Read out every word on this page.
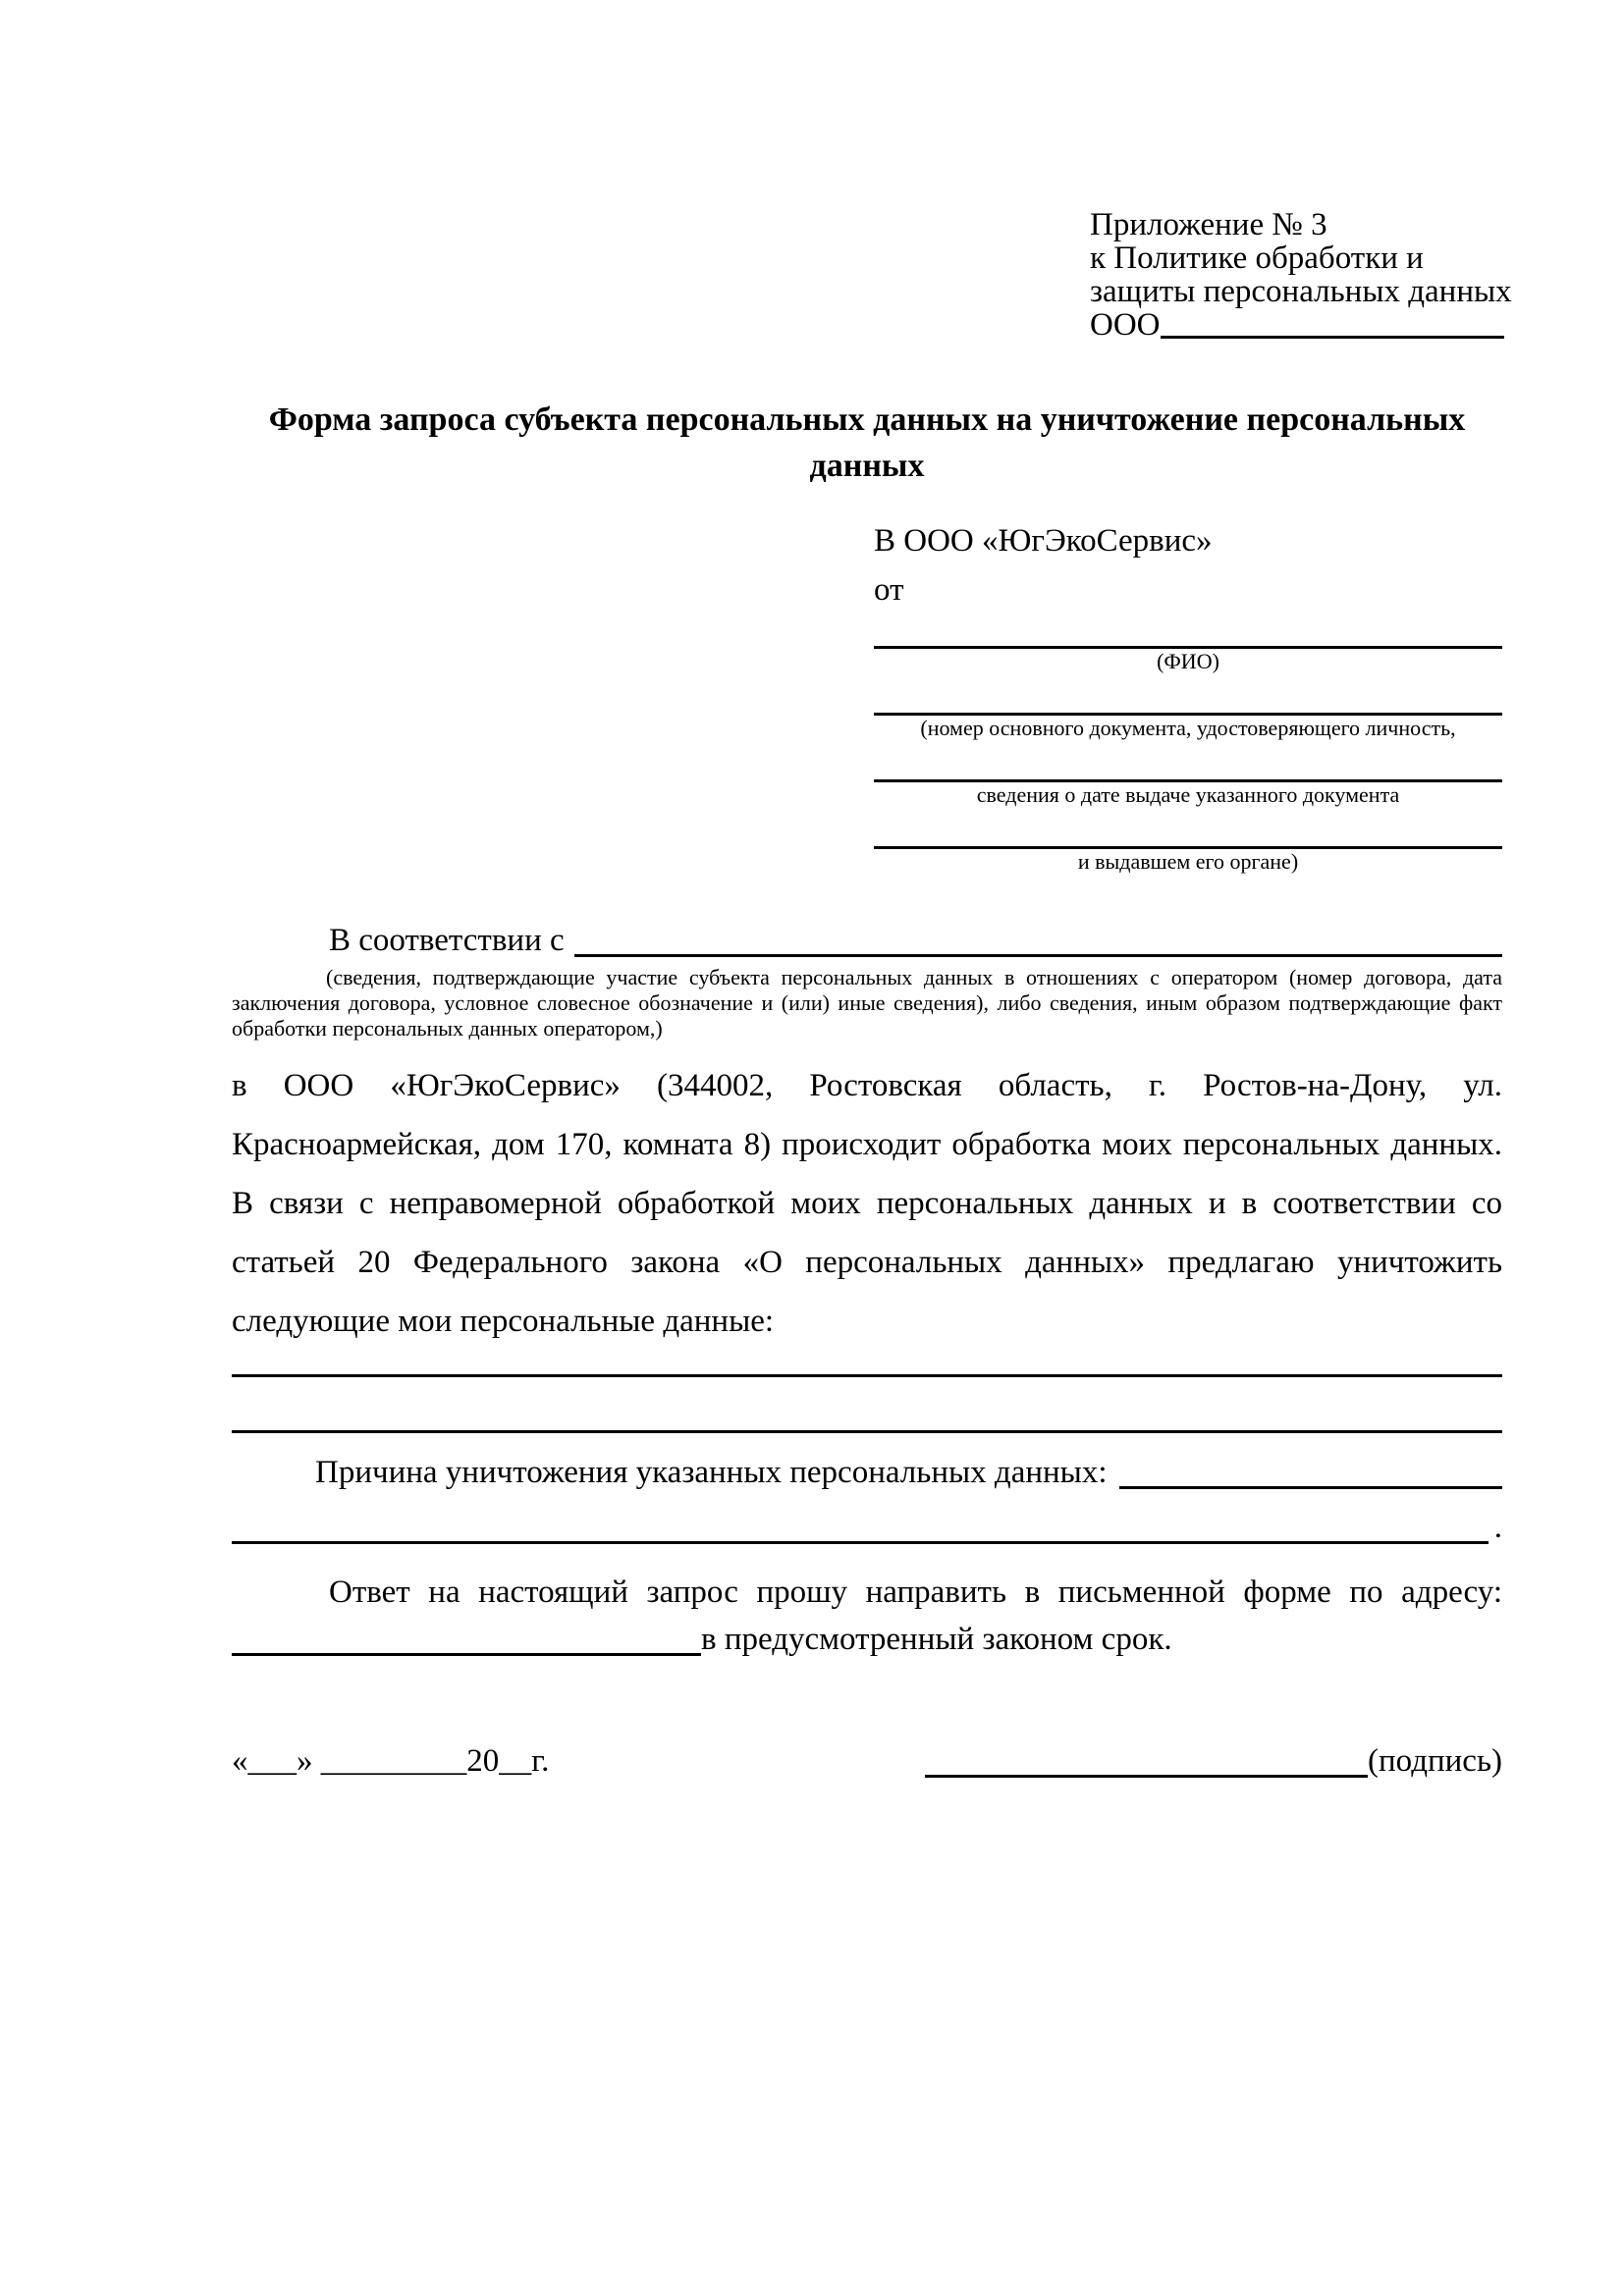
Приложение № 3
к Политике обработки и
защиты персональных данных
ООО
Форма запроса субъекта персональных данных на уничтожение персональных данных
В ООО «ЮгЭкоСервис»
от
(ФИО)
(номер основного документа, удостоверяющего личность,
сведения о дате выдаче указанного документа
и выдавшем его органе)
В соответствии с
(сведения, подтверждающие участие субъекта персональных данных в отношениях с оператором (номер договора, дата
заключения договора, условное словесное обозначение и (или) иные сведения), либо сведения, иным образом подтверждающие факт
обработки персональных данных оператором,)
в ООО «ЮгЭкоСервис» (344002, Ростовская область, г. Ростов-на-Дону, ул.
Красноармейская, дом 170, комната 8) происходит обработка моих персональных данных.
В связи с неправомерной обработкой моих персональных данных и в соответствии со
статьей 20 Федерального закона «О персональных данных» предлагаю уничтожить
следующие мои персональные данные:
Причина уничтожения указанных персональных данных:
.
Ответ на настоящий запрос прошу направить в письменной форме по адресу:
в предусмотренный законом срок.
«___» _________20__г.	(подпись)
